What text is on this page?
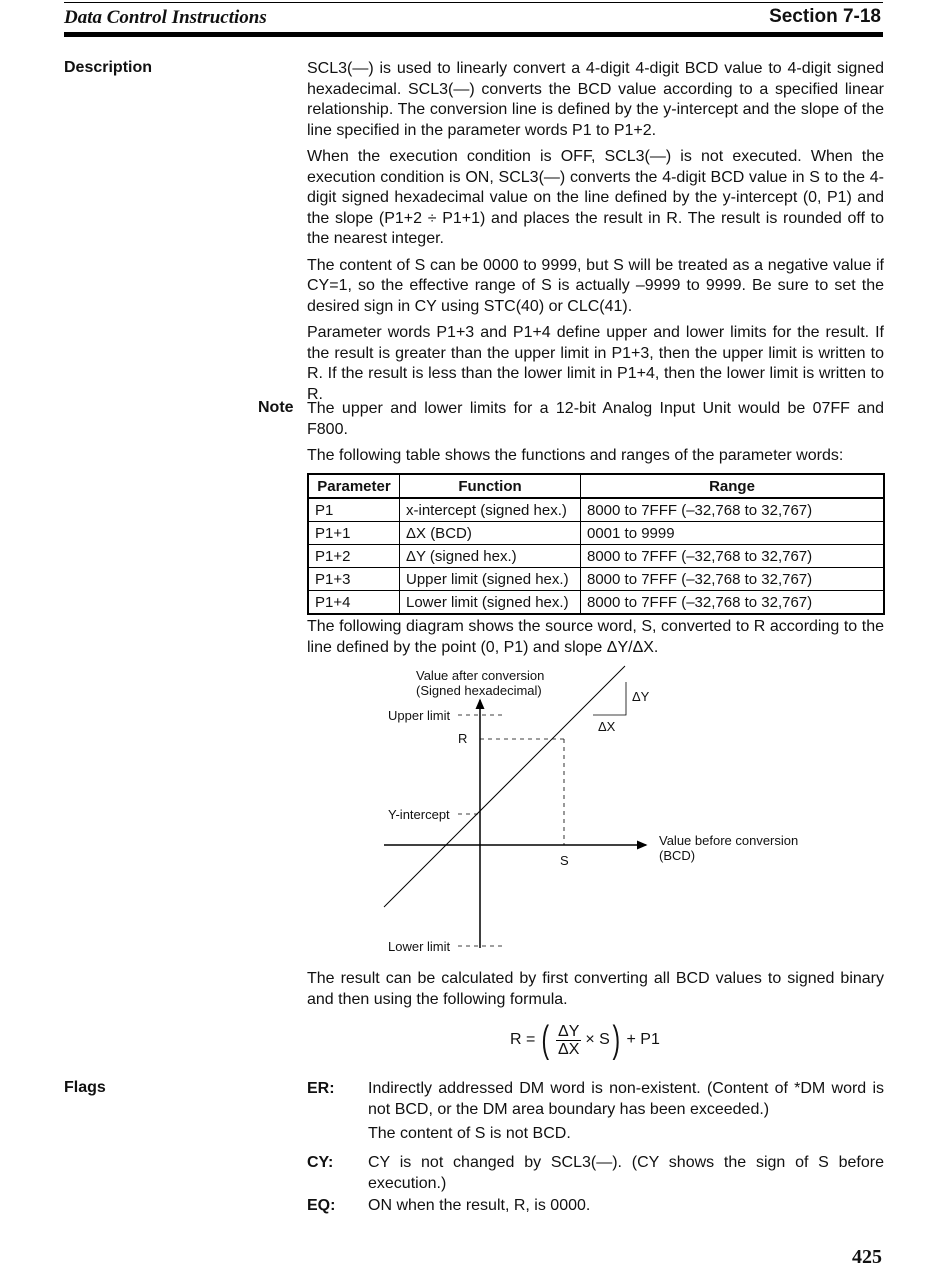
Data Control Instructions	Section 7-18
Description	SCL3(—) is used to linearly convert a 4-digit 4-digit BCD value to 4-digit signed hexadecimal. SCL3(—) converts the BCD value according to a specified linear relationship. The conversion line is defined by the y-intercept and the slope of the line specified in the parameter words P1 to P1+2.

When the execution condition is OFF, SCL3(—) is not executed. When the execution condition is ON, SCL3(—) converts the 4-digit BCD value in S to the 4-digit signed hexadecimal value on the line defined by the y-intercept (0, P1) and the slope (P1+2 ÷ P1+1) and places the result in R. The result is rounded off to the nearest integer.

The content of S can be 0000 to 9999, but S will be treated as a negative value if CY=1, so the effective range of S is actually –9999 to 9999. Be sure to set the desired sign in CY using STC(40) or CLC(41).

Parameter words P1+3 and P1+4 define upper and lower limits for the result. If the result is greater than the upper limit in P1+3, then the upper limit is written to R. If the result is less than the lower limit in P1+4, then the lower limit is written to R.

Note The upper and lower limits for a 12-bit Analog Input Unit would be 07FF and F800.

The following table shows the functions and ranges of the parameter words:

Parameter	Function	Range
P1	x-intercept (signed hex.)	8000 to 7FFF (–32,768 to 32,767)
P1+1	ΔX (BCD)	0001 to 9999
P1+2	ΔY (signed hex.)	8000 to 7FFF (–32,768 to 32,767)
P1+3	Upper limit (signed hex.)	8000 to 7FFF (–32,768 to 32,767)
P1+4	Lower limit (signed hex.)	8000 to 7FFF (–32,768 to 32,767)

The following diagram shows the source word, S, converted to R according to the line defined by the point (0, P1) and slope ΔY/ΔX.

Value after conversion
(Signed hexadecimal)
Upper limit
R
Y-intercept
S
Value before conversion
(BCD)
Lower limit
ΔY
ΔX

The result can be calculated by first converting all BCD values to signed binary and then using the following formula.

R = ( $\frac{\Delta Y}{\Delta X} \times S$ ) + P1
Flags	ER: Indirectly addressed DM word is non-existent. (Content of *DM word is not BCD, or the DM area boundary has been exceeded.)
The content of S is not BCD.
CY: CY is not changed by SCL3(—). (CY shows the sign of S before execution.)
EQ: ON when the result, R, is 0000.
425
